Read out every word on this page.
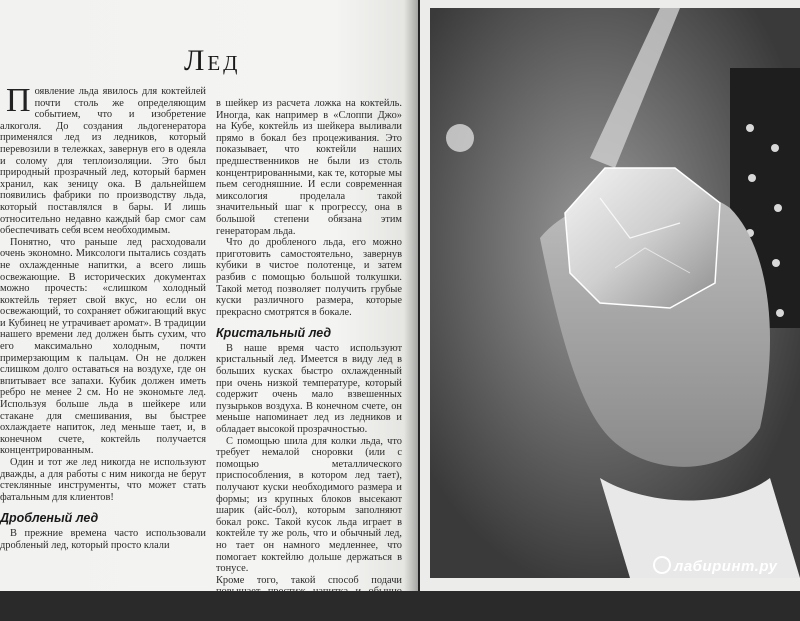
Лед

Появление льда явилось для коктейлей почти столь же определяющим событием, что и изобретение алкоголя. До создания льдогенератора применялся лед из ледников, который перевозили в тележках, завернув его в одеяла и солому для теплоизоляции. Это был природный прозрачный лед, который бармен хранил, как зеницу ока. В дальнейшем появились фабрики по производству льда, который поставлялся в бары. И лишь относительно недавно каждый бар смог сам обеспечивать себя всем необходимым.

Понятно, что раньше лед расходовали очень экономно. Миксологи пытались создать не охлажденные напитки, а всего лишь освежающие. В исторических документах можно прочесть: «слишком холодный коктейль теряет свой вкус, но если он освежающий, то сохраняет обжигающий вкус и Кубинец не утрачивает аромат». В традиции нашего времени лед должен быть сухим, что его максимально холодным, почти примерзающим к пальцам. Он не должен слишком долго оставаться на воздухе, где он впитывает все запахи. Кубик должен иметь ребро не менее 2 см. Но не экономьте лед. Используя больше льда в шейкере или стакане для смешивания, вы быстрее охлаждаете напиток, лед меньше тает, и, в конечном счете, коктейль получается концентрированным.

Один и тот же лед никогда не используют дважды, а для работы с ним никогда не берут стеклянные инструменты, что может стать фатальным для клиентов!

Дробленый лед

В прежние времена часто использовали дробленый лед, который просто клали

в шейкер из расчета ложка на коктейль. Иногда, как например в «Слоппи Джо» на Кубе, коктейль из шейкера выливали прямо в бокал без процеживания. Это показывает, что коктейли наших предшественников не были из столь концентрированными, как те, которые мы пьем сегодняшние. И если современная миксология проделала такой значительный шаг к прогрессу, она в большой степени обязана этим генераторам льда.

Что до дробленого льда, его можно приготовить самостоятельно, завернув кубики в чистое полотенце, и затем разбив с помощью большой толкушки. Такой метод позволяет получить грубые куски различного размера, которые прекрасно смотрятся в бокале.

Кристальный лед

В наше время часто используют кристальный лед. Имеется в виду лед в больших кусках быстро охлажденный при очень низкой температуре, который содержит очень мало взвешенных пузырьков воздуха. В конечном счете, он меньше напоминает лед из ледников и обладает высокой прозрачностью.

С помощью шила для колки льда, что требует немалой сноровки (или с помощью металлического приспособления, в котором лед тает), получают куски необходимого размера и формы; из крупных блоков высекают шарик (айс-бол), которым заполняют бокал рокс. Такой кусок льда играет в коктейле ту же роль, что и обычный лед, но тает он намного медленнее, что помогает коктейлю дольше держаться в тонусе.

Кроме того, такой способ подачи повышает престиж напитка и обычно используется лишь в лучших коктейльных барах.

лабиринт.ру
